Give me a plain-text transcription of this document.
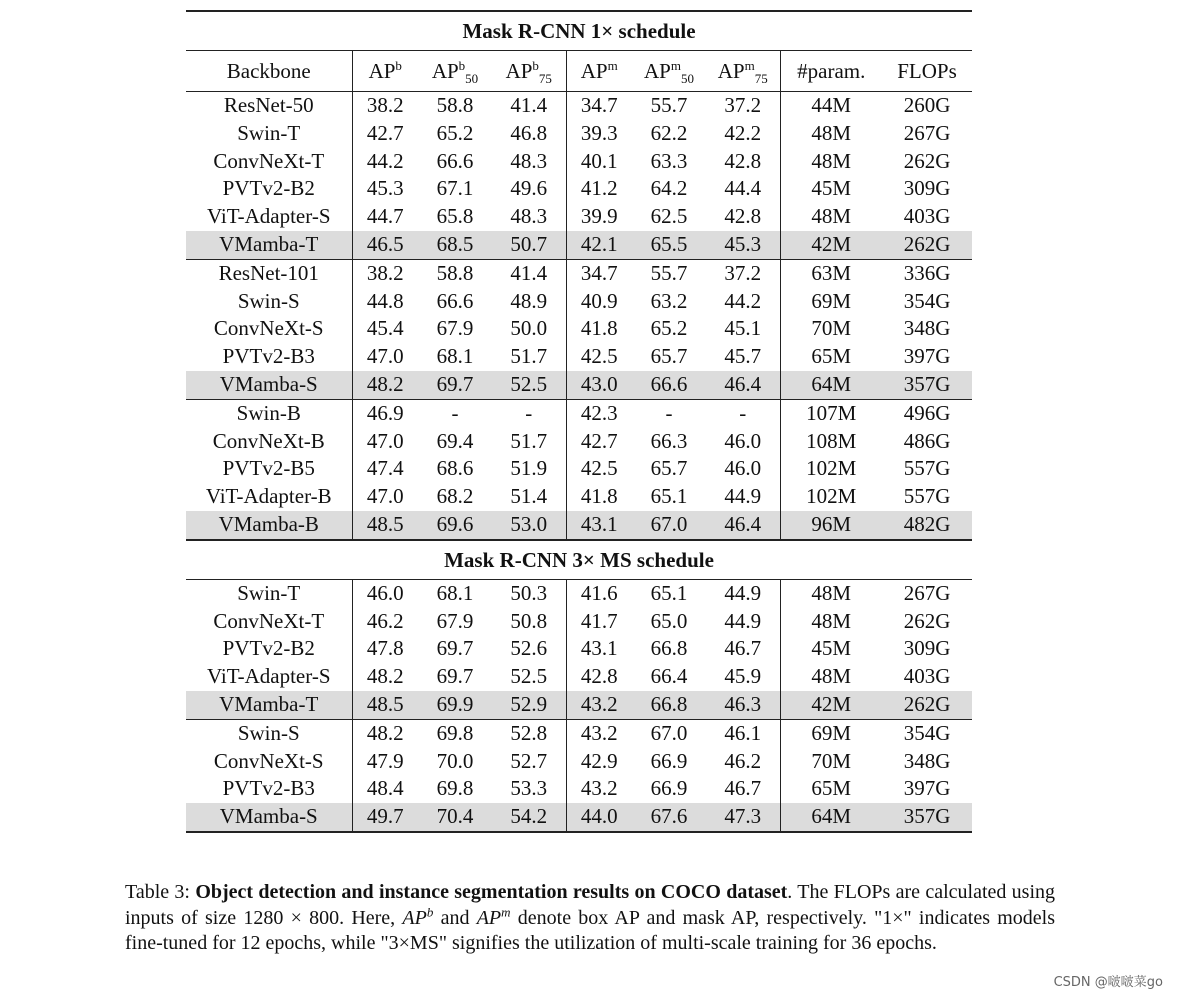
Mask R-CNN 1× schedule								
Backbone	$AP^b$	$AP^b_{50}$	$AP^b_{75}$	$AP^m$	$AP^m_{50}$	$AP^m_{75}$	#param.	FLOPs
ResNet-50	38.2	58.8	41.4	34.7	55.7	37.2	44M	260G
Swin-T	42.7	65.2	46.8	39.3	62.2	42.2	48M	267G
ConvNeXt-T	44.2	66.6	48.3	40.1	63.3	42.8	48M	262G
PVTv2-B2	45.3	67.1	49.6	41.2	64.2	44.4	45M	309G
ViT-Adapter-S	44.7	65.8	48.3	39.9	62.5	42.8	48M	403G
VMamba-T	46.5	68.5	50.7	42.1	65.5	45.3	42M	262G
ResNet-101	38.2	58.8	41.4	34.7	55.7	37.2	63M	336G
Swin-S	44.8	66.6	48.9	40.9	63.2	44.2	69M	354G
ConvNeXt-S	45.4	67.9	50.0	41.8	65.2	45.1	70M	348G
PVTv2-B3	47.0	68.1	51.7	42.5	65.7	45.7	65M	397G
VMamba-S	48.2	69.7	52.5	43.0	66.6	46.4	64M	357G
Swin-B	46.9	-	-	42.3	-	-	107M	496G
ConvNeXt-B	47.0	69.4	51.7	42.7	66.3	46.0	108M	486G
PVTv2-B5	47.4	68.6	51.9	42.5	65.7	46.0	102M	557G
ViT-Adapter-B	47.0	68.2	51.4	41.8	65.1	44.9	102M	557G
VMamba-B	48.5	69.6	53.0	43.1	67.0	46.4	96M	482G
Mask R-CNN 3× MS schedule								
Swin-T	46.0	68.1	50.3	41.6	65.1	44.9	48M	267G
ConvNeXt-T	46.2	67.9	50.8	41.7	65.0	44.9	48M	262G
PVTv2-B2	47.8	69.7	52.6	43.1	66.8	46.7	45M	309G
ViT-Adapter-S	48.2	69.7	52.5	42.8	66.4	45.9	48M	403G
VMamba-T	48.5	69.9	52.9	43.2	66.8	46.3	42M	262G
Swin-S	48.2	69.8	52.8	43.2	67.0	46.1	69M	354G
ConvNeXt-S	47.9	70.0	52.7	42.9	66.9	46.2	70M	348G
PVTv2-B3	48.4	69.8	53.3	43.2	66.9	46.7	65M	397G
VMamba-S	49.7	70.4	54.2	44.0	67.6	47.3	64M	357G
Table 3: Object detection and instance segmentation results on COCO dataset. The FLOPs are calculated using inputs of size 1280 × 800. Here, $AP^b$ and $AP^m$ denote box AP and mask AP, respectively. "1×" indicates models fine-tuned for 12 epochs, while "3×MS" signifies the utilization of multi-scale training for 36 epochs.
CSDN @啵啵菜go
